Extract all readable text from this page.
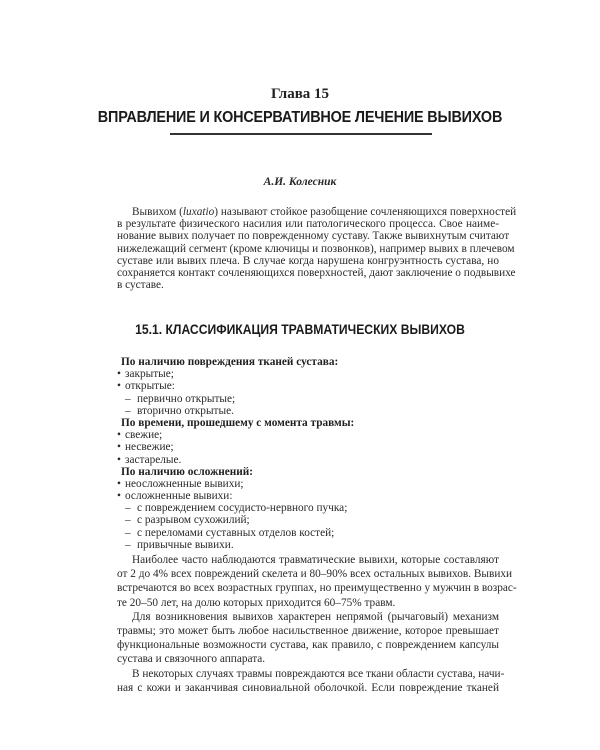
Глава 15
ВПРАВЛЕНИЕ И КОНСЕРВАТИВНОЕ ЛЕЧЕНИЕ ВЫВИХОВ
А.И. Колесник
Вывихом (luxatio) называют стойкое разобщение сочленяющихся поверхностей
в результате физического насилия или патологического процесса. Свое наиме-
нование вывих получает по поврежденному суставу. Также вывихнутым считают
нижележащий сегмент (кроме ключицы и позвонков), например вывих в плечевом
суставе или вывих плеча. В случае когда нарушена конгруэнтность сустава, но
сохраняется контакт сочленяющихся поверхностей, дают заключение о подвывихе
в суставе.
15.1. КЛАССИФИКАЦИЯ ТРАВМАТИЧЕСКИХ ВЫВИХОВ
По наличию повреждения тканей сустава:
• закрытые;
• открытые:
– первично открытые;
– вторично открытые.
По времени, прошедшему с момента травмы:
• свежие;
• несвежие;
• застарелые.
По наличию осложнений:
• неосложненные вывихи;
• осложненные вывихи:
– с повреждением сосудисто-нервного пучка;
– с разрывом сухожилий;
– с переломами суставных отделов костей;
– привычные вывихи.
Наиболее часто наблюдаются травматические вывихи, которые составляют
от 2 до 4% всех повреждений скелета и 80–90% всех остальных вывихов. Вывихи
встречаются во всех возрастных группах, но преимущественно у мужчин в возрас-
те 20–50 лет, на долю которых приходится 60–75% травм.
Для возникновения вывихов характерен непрямой (рычаговый) механизм
травмы; это может быть любое насильственное движение, которое превышает
функциональные возможности сустава, как правило, с повреждением капсулы
сустава и связочного аппарата.
В некоторых случаях травмы повреждаются все ткани области сустава, начи-
ная с кожи и заканчивая синовиальной оболочкой. Если повреждение тканей
